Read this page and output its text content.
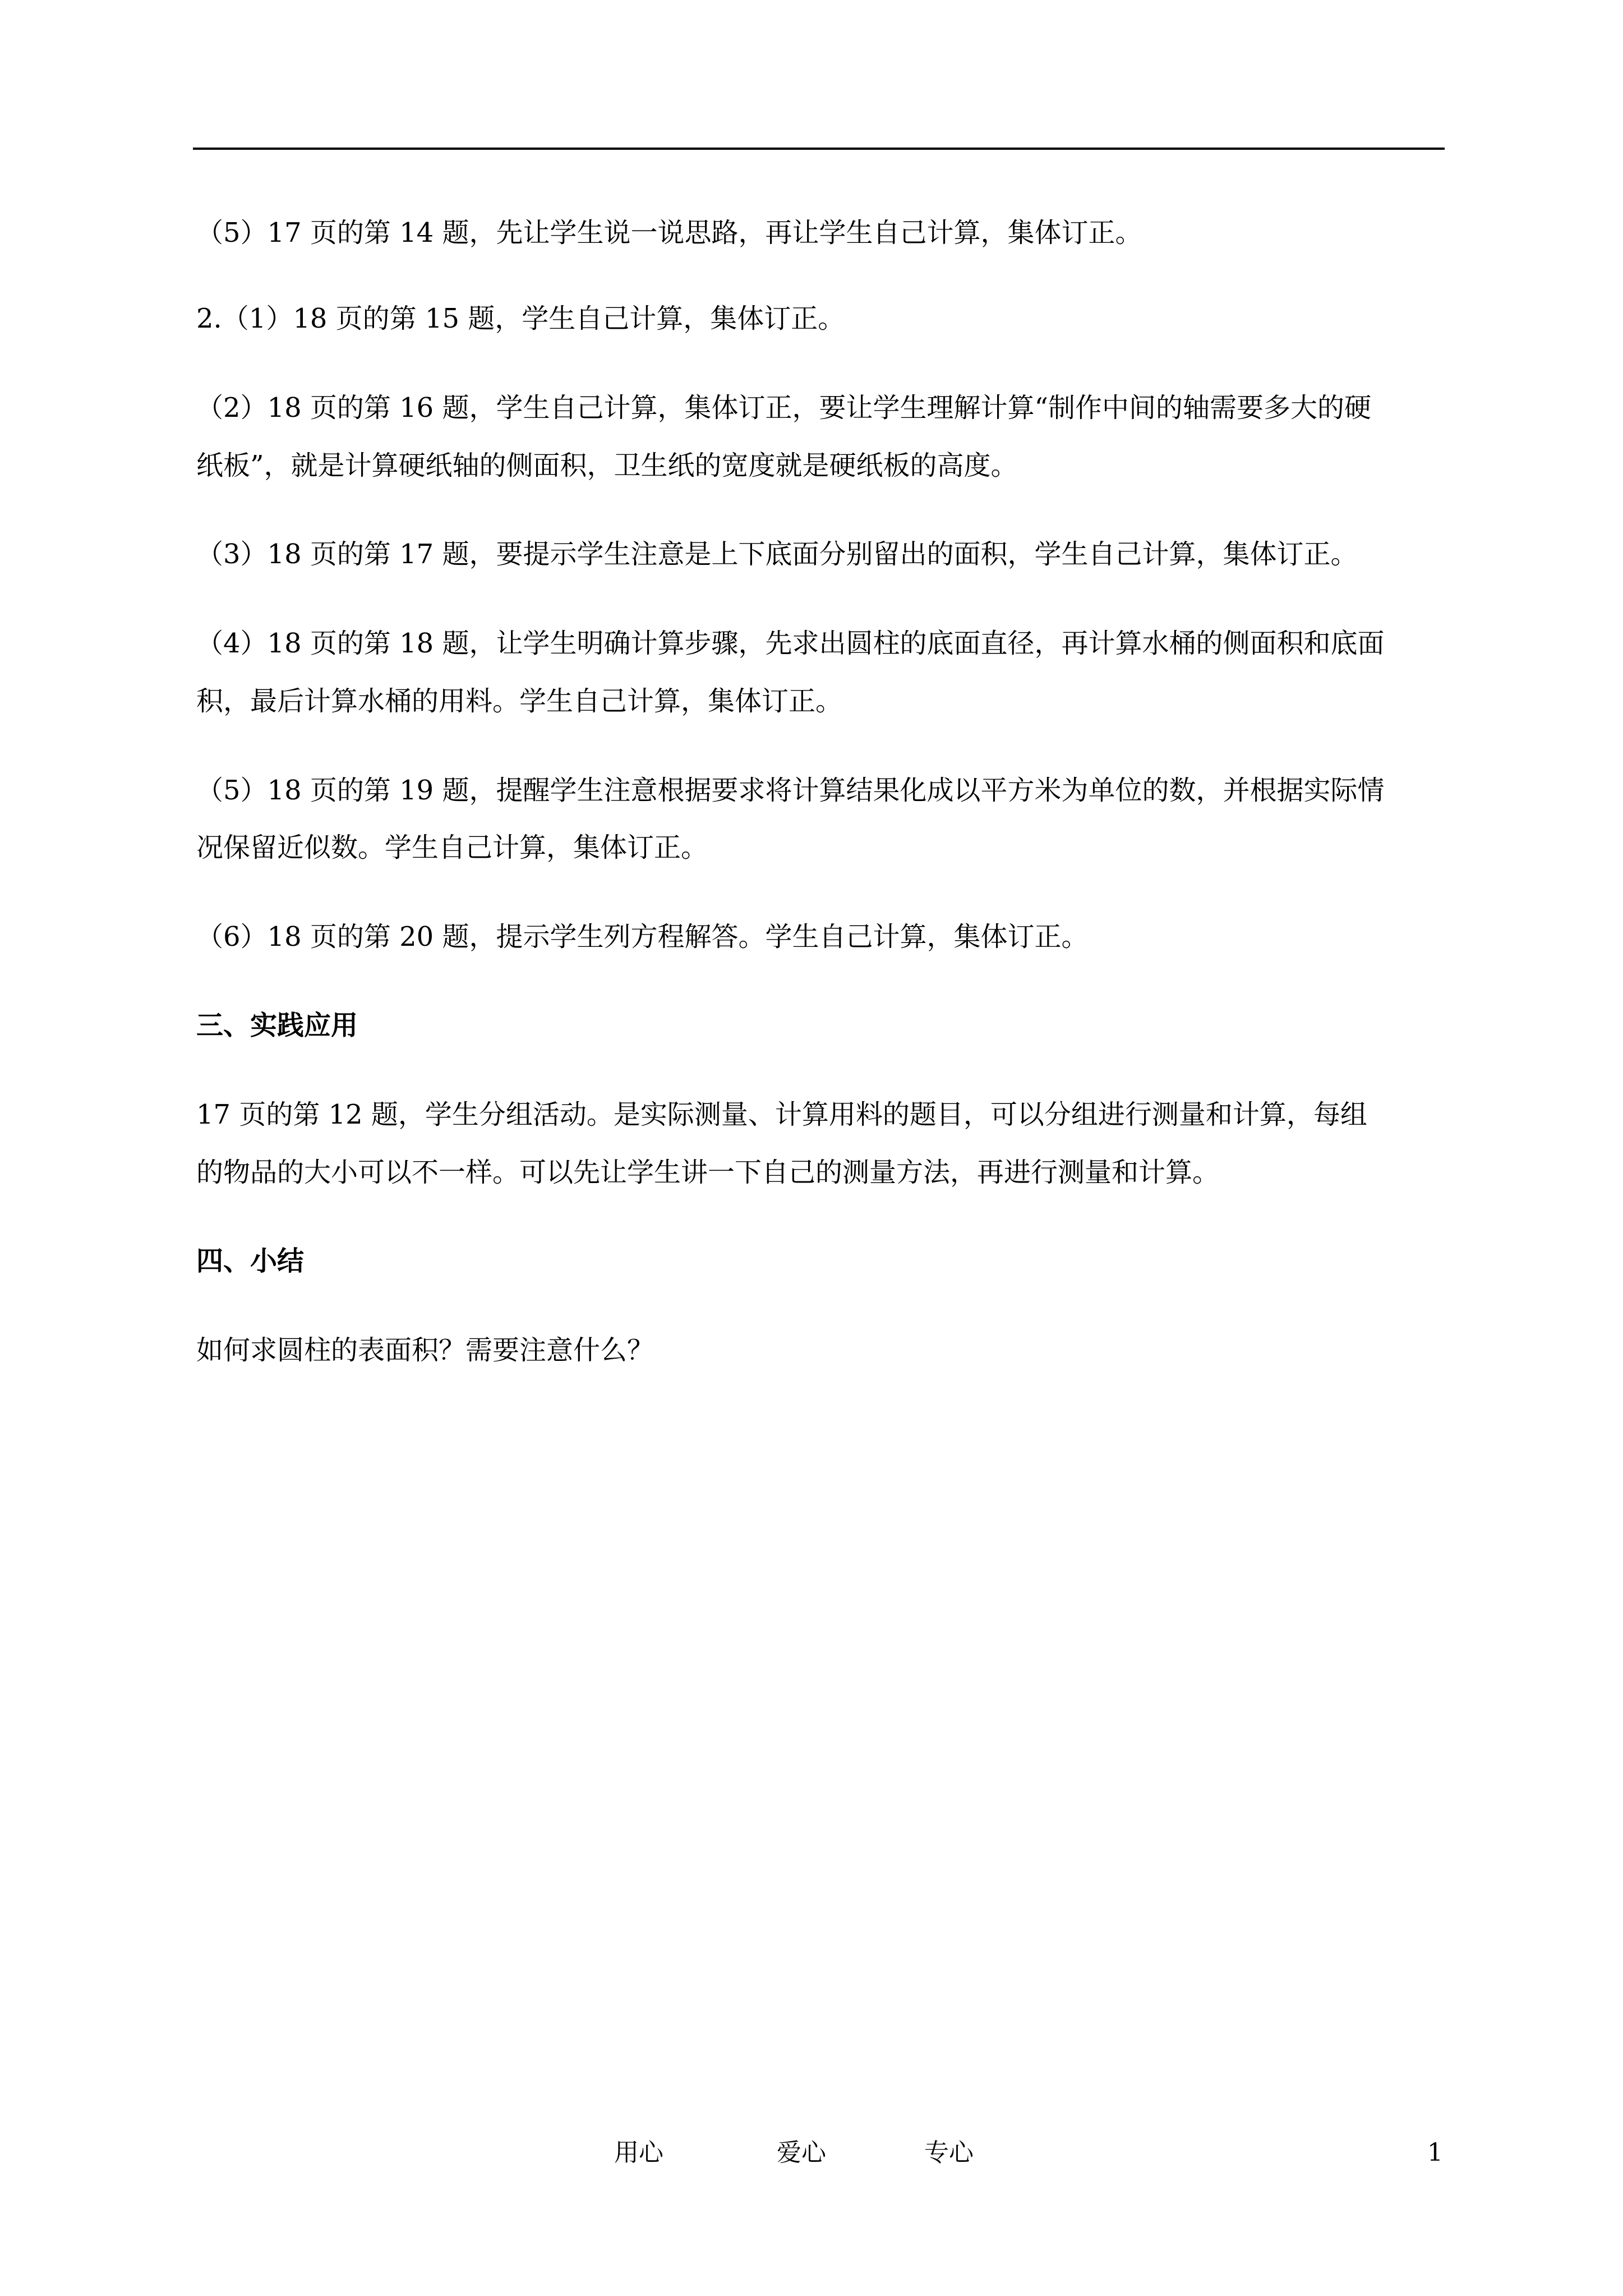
（5）17 页的第 14 题，先让学生说一说思路，再让学生自己计算，集体订正。
2.（1）18 页的第 15 题，学生自己计算，集体订正。
（2）18 页的第 16 题，学生自己计算，集体订正，要让学生理解计算“制作中间的轴需要多大的硬
纸板”，就是计算硬纸轴的侧面积，卫生纸的宽度就是硬纸板的高度。
（3）18 页的第 17 题，要提示学生注意是上下底面分别留出的面积，学生自己计算，集体订正。
（4）18 页的第 18 题，让学生明确计算步骤，先求出圆柱的底面直径，再计算水桶的侧面积和底面
积，最后计算水桶的用料。学生自己计算，集体订正。
（5）18 页的第 19 题，提醒学生注意根据要求将计算结果化成以平方米为单位的数，并根据实际情
况保留近似数。学生自己计算，集体订正。
（6）18 页的第 20 题，提示学生列方程解答。学生自己计算，集体订正。
三、实践应用
17 页的第 12 题，学生分组活动。是实际测量、计算用料的题目，可以分组进行测量和计算，每组
的物品的大小可以不一样。可以先让学生讲一下自己的测量方法，再进行测量和计算。
四、小结
如何求圆柱的表面积？需要注意什么？
用心	爱心	专心	1
